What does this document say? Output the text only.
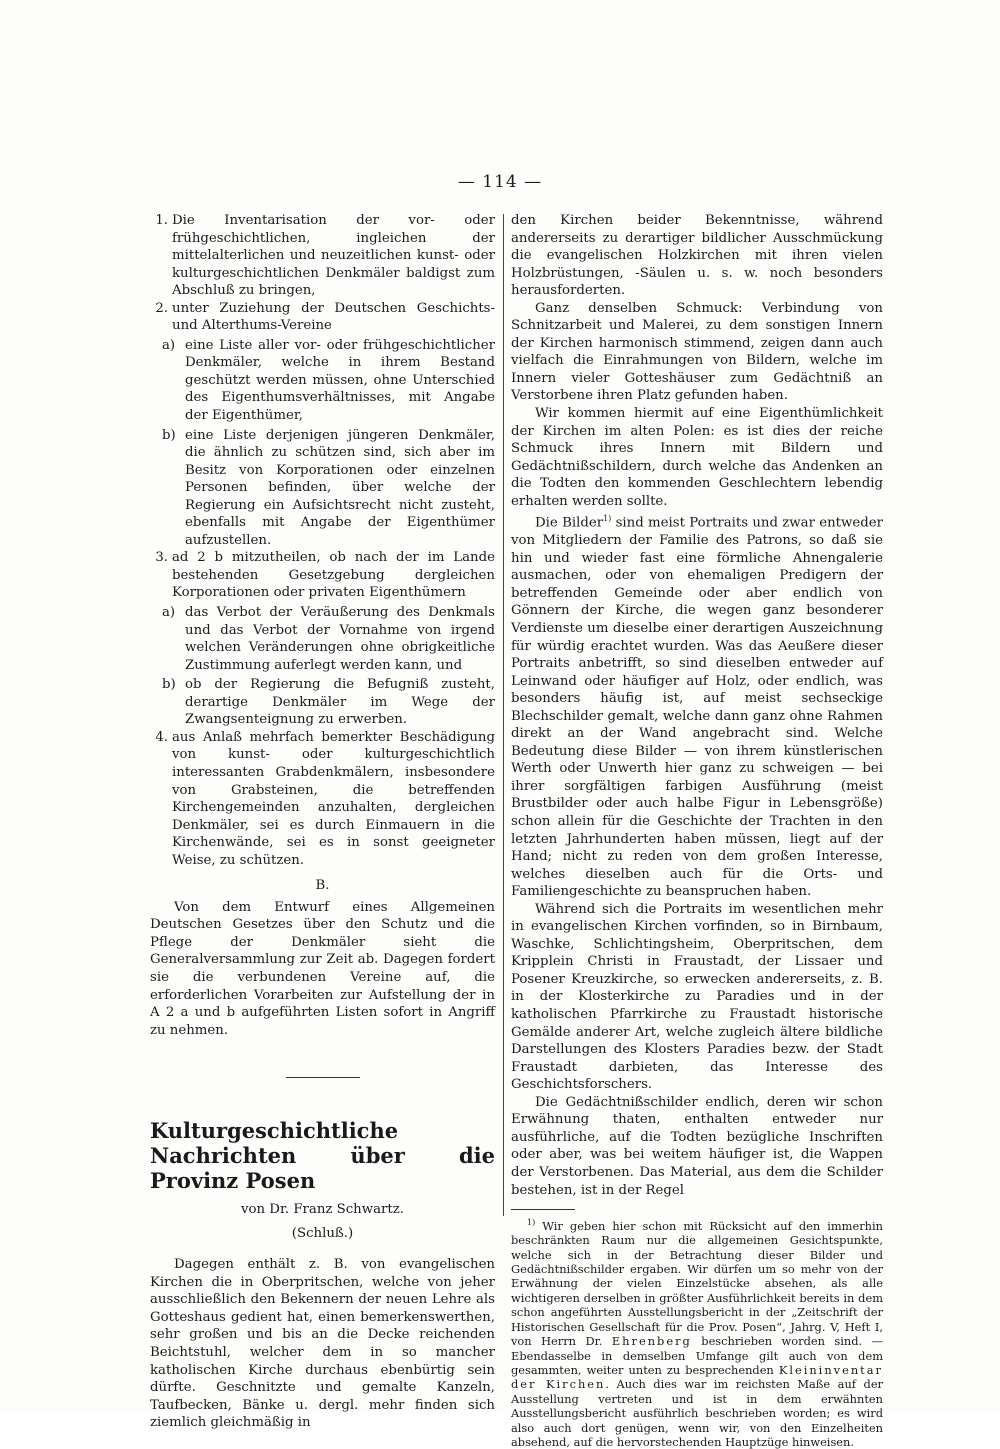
— 114 —
1. Die Inventarisation der vor- oder frühgeschichtlichen, ingleichen der mittelalterlichen und neuzeitlichen kunst- oder kulturgeschichtlichen Denkmäler baldigst zum Abschluß zu bringen,
2. unter Zuziehung der Deutschen Geschichts- und Alterthums-Vereine
a) eine Liste aller vor- oder frühgeschichtlicher Denkmäler, welche in ihrem Bestand geschützt werden müssen, ohne Unterschied des Eigenthumsverhältnisses, mit Angabe der Eigenthümer,
b) eine Liste derjenigen jüngeren Denkmäler, die ähnlich zu schützen sind, sich aber im Besitz von Korporationen oder einzelnen Personen befinden, über welche der Regierung ein Aufsichtsrecht nicht zusteht, ebenfalls mit Angabe der Eigenthümer aufzustellen.
3. ad 2 b mitzutheilen, ob nach der im Lande bestehenden Gesetzgebung dergleichen Korporationen oder privaten Eigenthümern
a) das Verbot der Veräußerung des Denkmals und das Verbot der Vornahme von irgend welchen Veränderungen ohne obrigkeitliche Zustimmung auferlegt werden kann, und
b) ob der Regierung die Befugniß zusteht, derartige Denkmäler im Wege der Zwangsenteignung zu erwerben.
4. aus Anlaß mehrfach bemerkter Beschädigung von kunst- oder kulturgeschichtlich interessanten Grabdenkmälern, insbesondere von Grabsteinen, die betreffenden Kirchengemeinden anzuhalten, dergleichen Denkmäler, sei es durch Einmauern in die Kirchenwände, sei es in sonst geeigneter Weise, zu schützen.

B.

Von dem Entwurf eines Allgemeinen Deutschen Gesetzes über den Schutz und die Pflege der Denkmäler sieht die Generalversammlung zur Zeit ab. Dagegen fordert sie die verbundenen Vereine auf, die erforderlichen Vorarbeiten zur Aufstellung der in A 2 a und b aufgeführten Listen sofort in Angriff zu nehmen.

Kulturgeschichtliche Nachrichten über die

Provinz Posen

von Dr. Franz Schwartz.

(Schluß.)

Dagegen enthält z. B. von evangelischen Kirchen die in Oberpritschen, welche von jeher ausschließlich den Bekennern der neuen Lehre als Gotteshaus gedient hat, einen bemerkenswerthen, sehr großen und bis an die Decke reichenden Beichtstuhl, welcher dem in so mancher katholischen Kirche durchaus ebenbürtig sein dürfte. Geschnitzte und gemalte Kanzeln, Taufbecken, Bänke u. dergl. mehr finden sich ziemlich gleichmäßig in

den Kirchen beider Bekenntnisse, während andererseits zu derartiger bildlicher Ausschmückung die evangelischen Holzkirchen mit ihren vielen Holzbrüstungen, -Säulen u. s. w. noch besonders herausforderten.

Ganz denselben Schmuck: Verbindung von Schnitzarbeit und Malerei, zu dem sonstigen Innern der Kirchen harmonisch stimmend, zeigen dann auch vielfach die Einrahmungen von Bildern, welche im Innern vieler Gotteshäuser zum Gedächtniß an Verstorbene ihren Platz gefunden haben.

Wir kommen hiermit auf eine Eigenthümlichkeit der Kirchen im alten Polen: es ist dies der reiche Schmuck ihres Innern mit Bildern und Gedächtnißschildern, durch welche das Andenken an die Todten den kommenden Geschlechtern lebendig erhalten werden sollte.

Die Bilder$^{1)}$ sind meist Portraits und zwar entweder von Mitgliedern der Familie des Patrons, so daß sie hin und wieder fast eine förmliche Ahnengalerie ausmachen, oder von ehemaligen Predigern der betreffenden Gemeinde oder aber endlich von Gönnern der Kirche, die wegen ganz besonderer Verdienste um dieselbe einer derartigen Auszeichnung für würdig erachtet wurden. Was das Aeußere dieser Portraits anbetrifft, so sind dieselben entweder auf Leinwand oder häufiger auf Holz, oder endlich, was besonders häufig ist, auf meist sechseckige Blechschilder gemalt, welche dann ganz ohne Rahmen direkt an der Wand angebracht sind. Welche Bedeutung diese Bilder — von ihrem künstlerischen Werth oder Unwerth hier ganz zu schweigen — bei ihrer sorgfältigen farbigen Ausführung (meist Brustbilder oder auch halbe Figur in Lebensgröße) schon allein für die Geschichte der Trachten in den letzten Jahrhunderten haben müssen, liegt auf der Hand; nicht zu reden von dem großen Interesse, welches dieselben auch für die Orts- und Familiengeschichte zu beanspruchen haben.

Während sich die Portraits im wesentlichen mehr in evangelischen Kirchen vorfinden, so in Birnbaum, Waschke, Schlichtingsheim, Oberpritschen, dem Kripplein Christi in Fraustadt, der Lissaer und Posener Kreuzkirche, so erwecken andererseits, z. B. in der Klosterkirche zu Paradies und in der katholischen Pfarrkirche zu Fraustadt historische Gemälde anderer Art, welche zugleich ältere bildliche Darstellungen des Klosters Paradies bezw. der Stadt Fraustadt darbieten, das Interesse des Geschichtsforschers.

Die Gedächtnißschilder endlich, deren wir schon Erwähnung thaten, enthalten entweder nur ausführliche, auf die Todten bezügliche Inschriften oder aber, was bei weitem häufiger ist, die Wappen der Verstorbenen. Das Material, aus dem die Schilder bestehen, ist in der Regel

$^{1)}$ Wir geben hier schon mit Rücksicht auf den immerhin beschränkten Raum nur die allgemeinen Gesichtspunkte, welche sich in der Betrachtung dieser Bilder und Gedächtnißschilder ergaben. Wir dürfen um so mehr von der Erwähnung der vielen Einzelstücke absehen, als alle wichtigeren derselben in größter Ausführlichkeit bereits in dem schon angeführten Ausstellungsbericht in der „Zeitschrift der Historischen Gesellschaft für die Prov. Posen“, Jahrg. V, Heft I, von Herrn Dr. Ehrenberg beschrieben worden sind. — Ebendasselbe in demselben Umfange gilt auch von dem gesammten, weiter unten zu besprechenden Kleininventar der Kirchen. Auch dies war im reichsten Maße auf der Ausstellung vertreten und ist in dem erwähnten Ausstellungsbericht ausführlich beschrieben worden; es wird also auch dort genügen, wenn wir, von den Einzelheiten absehend, auf die hervorstechenden Hauptzüge hinweisen.
